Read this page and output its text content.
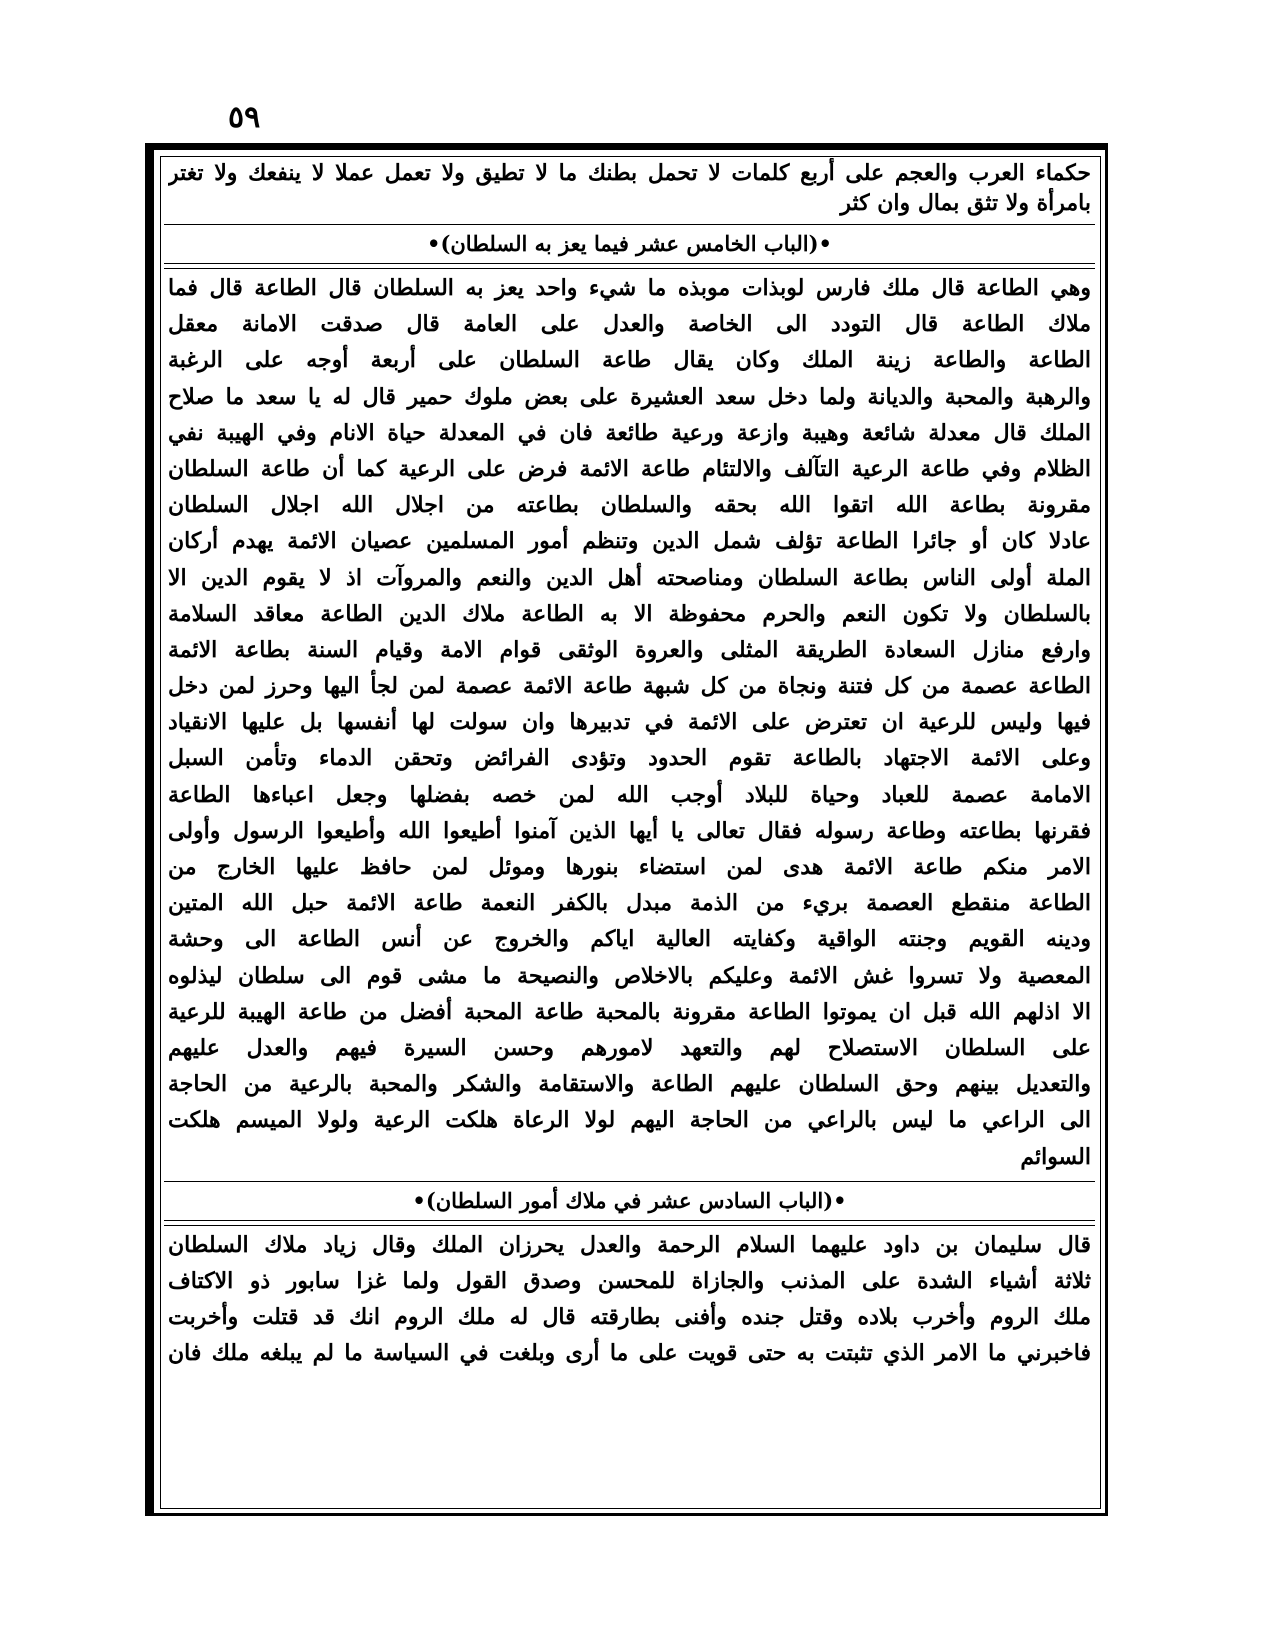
٥٩
حكماء العرب والعجم على أربع كلمات لا تحمل بطنك ما لا تطيق ولا تعمل عملا لا ينفعك ولا تغتر
بامرأة ولا تثق بمال وان كثر
•(الباب الخامس عشر فيما يعز به السلطان)•
وهي الطاعة قال ملك فارس لوبذات موبذه ما شيء واحد يعز به السلطان قال الطاعة قال فما
ملاك الطاعة قال التودد الى الخاصة والعدل على العامة قال صدقت الامانة معقل
الطاعة والطاعة زينة الملك وكان يقال طاعة السلطان على أربعة أوجه على الرغبة
والرهبة والمحبة والديانة ولما دخل سعد العشيرة على بعض ملوك حمير قال له يا سعد ما صلاح
الملك قال معدلة شائعة وهيبة وازعة ورعية طائعة فان في المعدلة حياة الانام وفي الهيبة نفي
الظلام وفي طاعة الرعية التآلف والالتئام طاعة الائمة فرض على الرعية كما أن طاعة السلطان
مقرونة بطاعة الله اتقوا الله بحقه والسلطان بطاعته من اجلال الله اجلال السلطان
عادلا كان أو جائرا الطاعة تؤلف شمل الدين وتنظم أمور المسلمين عصيان الائمة يهدم أركان
الملة أولى الناس بطاعة السلطان ومناصحته أهل الدين والنعم والمروآت اذ لا يقوم الدين الا
بالسلطان ولا تكون النعم والحرم محفوظة الا به الطاعة ملاك الدين الطاعة معاقد السلامة
وارفع منازل السعادة الطريقة المثلى والعروة الوثقى قوام الامة وقيام السنة بطاعة الائمة
الطاعة عصمة من كل فتنة ونجاة من كل شبهة طاعة الائمة عصمة لمن لجأ اليها وحرز لمن دخل
فيها وليس للرعية ان تعترض على الائمة في تدبيرها وان سولت لها أنفسها بل عليها الانقياد
وعلى الائمة الاجتهاد بالطاعة تقوم الحدود وتؤدى الفرائض وتحقن الدماء وتأمن السبل
الامامة عصمة للعباد وحياة للبلاد أوجب الله لمن خصه بفضلها وجعل اعباءها الطاعة
فقرنها بطاعته وطاعة رسوله فقال تعالى يا أيها الذين آمنوا أطيعوا الله وأطيعوا الرسول وأولى
الامر منكم طاعة الائمة هدى لمن استضاء بنورها وموئل لمن حافظ عليها الخارج من
الطاعة منقطع العصمة بريء من الذمة مبدل بالكفر النعمة طاعة الائمة حبل الله المتين
ودينه القويم وجنته الواقية وكفايته العالية اياكم والخروج عن أنس الطاعة الى وحشة
المعصية ولا تسروا غش الائمة وعليكم بالاخلاص والنصيحة ما مشى قوم الى سلطان ليذلوه
الا اذلهم الله قبل ان يموتوا الطاعة مقرونة بالمحبة طاعة المحبة أفضل من طاعة الهيبة للرعية
على السلطان الاستصلاح لهم والتعهد لامورهم وحسن السيرة فيهم والعدل عليهم
والتعديل بينهم وحق السلطان عليهم الطاعة والاستقامة والشكر والمحبة بالرعية من الحاجة
الى الراعي ما ليس بالراعي من الحاجة اليهم لولا الرعاة هلكت الرعية ولولا الميسم هلكت
السوائم
•(الباب السادس عشر في ملاك أمور السلطان)•
قال سليمان بن داود عليهما السلام الرحمة والعدل يحرزان الملك وقال زياد ملاك السلطان
ثلاثة أشياء الشدة على المذنب والجازاة للمحسن وصدق القول ولما غزا سابور ذو الاكتاف
ملك الروم وأخرب بلاده وقتل جنده وأفنى بطارقته قال له ملك الروم انك قد قتلت وأخربت
فاخبرني ما الامر الذي تثبتت به حتى قويت على ما أرى وبلغت في السياسة ما لم يبلغه ملك فان
